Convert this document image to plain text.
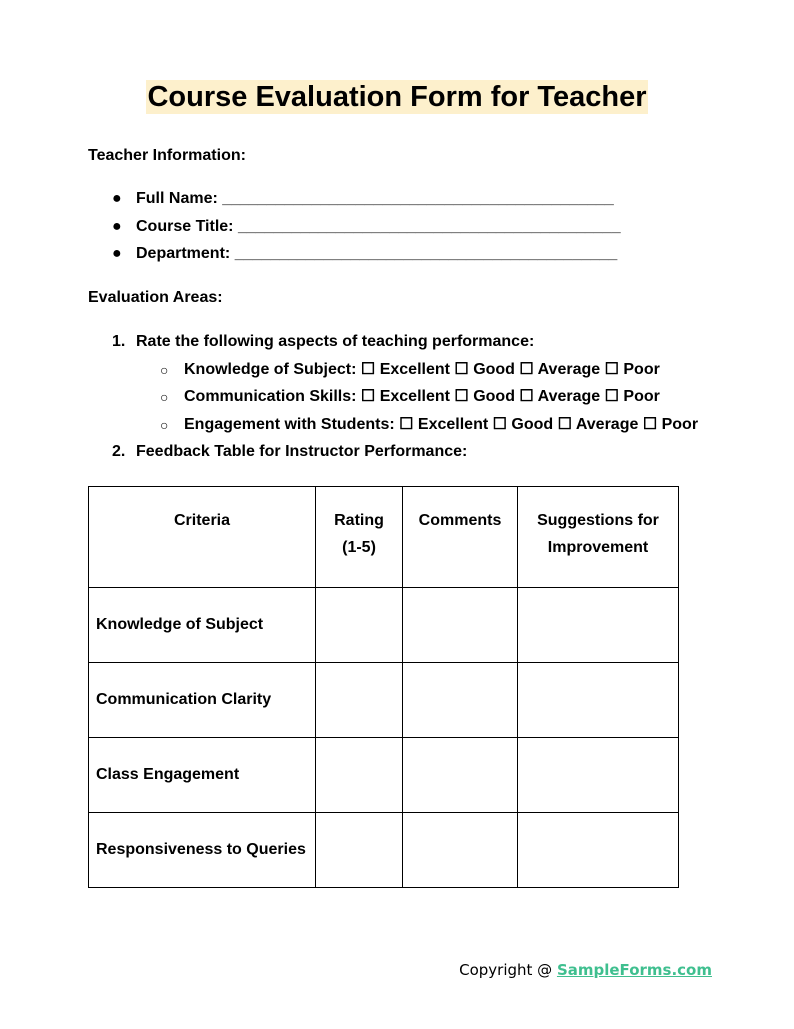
Course Evaluation Form for Teacher
Teacher Information:
● Full Name: ____________________________________________
● Course Title: ___________________________________________
● Department: ___________________________________________
Evaluation Areas:
1. Rate the following aspects of teaching performance:
○ Knowledge of Subject: ☐ Excellent ☐ Good ☐ Average ☐ Poor
○ Communication Skills: ☐ Excellent ☐ Good ☐ Average ☐ Poor
○ Engagement with Students: ☐ Excellent ☐ Good ☐ Average ☐ Poor
2. Feedback Table for Instructor Performance:
Criteria	Rating (1-5)	Comments	Suggestions for Improvement
Knowledge of Subject			
Communication Clarity			
Class Engagement			
Responsiveness to Queries			
Copyright @ SampleForms.com
